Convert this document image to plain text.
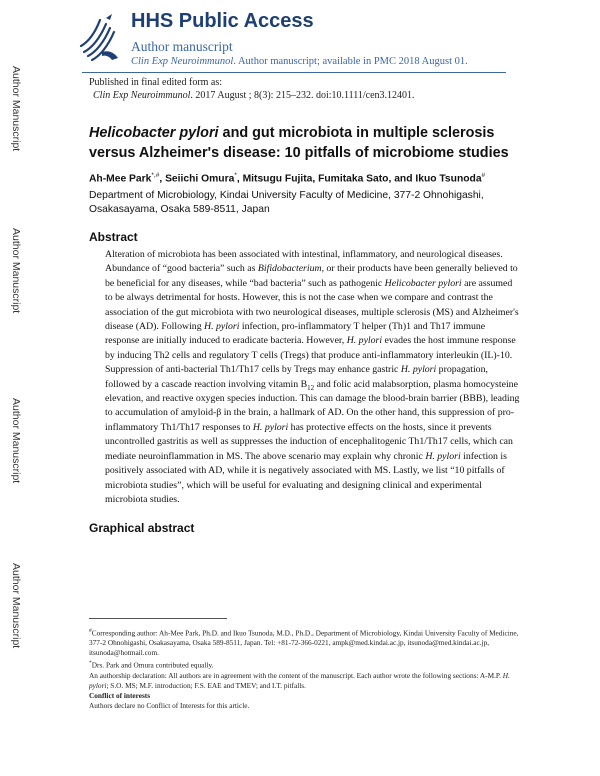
Author Manuscript
Author Manuscript
Author Manuscript
Author Manuscript
HHS Public Access
Author manuscript
Clin Exp Neuroimmunol. Author manuscript; available in PMC 2018 August 01.
Published in final edited form as:
Clin Exp Neuroimmunol. 2017 August ; 8(3): 215–232. doi:10.1111/cen3.12401.
Helicobacter pylori and gut microbiota in multiple sclerosis versus Alzheimer's disease: 10 pitfalls of microbiome studies
Ah-Mee Park*,#, Seiichi Omura*, Mitsugu Fujita, Fumitaka Sato, and Ikuo Tsunoda#
Department of Microbiology, Kindai University Faculty of Medicine, 377-2 Ohnohigashi, Osakasayama, Osaka 589-8511, Japan
Abstract
Alteration of microbiota has been associated with intestinal, inflammatory, and neurological diseases. Abundance of “good bacteria” such as Bifidobacterium, or their products have been generally believed to be beneficial for any diseases, while “bad bacteria” such as pathogenic Helicobacter pylori are assumed to be always detrimental for hosts. However, this is not the case when we compare and contrast the association of the gut microbiota with two neurological diseases, multiple sclerosis (MS) and Alzheimer's disease (AD). Following H. pylori infection, pro-inflammatory T helper (Th)1 and Th17 immune response are initially induced to eradicate bacteria. However, H. pylori evades the host immune response by inducing Th2 cells and regulatory T cells (Tregs) that produce anti-inflammatory interleukin (IL)-10. Suppression of anti-bacterial Th1/Th17 cells by Tregs may enhance gastric H. pylori propagation, followed by a cascade reaction involving vitamin $B_{12}$ and folic acid malabsorption, plasma homocysteine elevation, and reactive oxygen species induction. This can damage the blood-brain barrier (BBB), leading to accumulation of amyloid-β in the brain, a hallmark of AD. On the other hand, this suppression of pro-inflammatory Th1/Th17 responses to H. pylori has protective effects on the hosts, since it prevents uncontrolled gastritis as well as suppresses the induction of encephalitogenic Th1/Th17 cells, which can mediate neuroinflammation in MS. The above scenario may explain why chronic H. pylori infection is positively associated with AD, while it is negatively associated with MS. Lastly, we list “10 pitfalls of microbiota studies”, which will be useful for evaluating and designing clinical and experimental microbiota studies.
Graphical abstract
#Corresponding author: Ah-Mee Park, Ph.D. and Ikuo Tsunoda, M.D., Ph.D., Department of Microbiology, Kindai University Faculty of Medicine, 377-2 Ohnohigashi, Osakasayama, Osaka 589-8511, Japan. Tel: +81-72-366-0221, ampk@med.kindai.ac.jp, itsunoda@med.kindai.ac.jp, itsunoda@hotmail.com.
*Drs. Park and Omura contributed equally.
An authorship declaration: All authors are in agreement with the content of the manuscript. Each author wrote the following sections: A-M.P. H. pylori; S.O. MS; M.F. introduction; F.S. EAE and TMEV; and I.T. pitfalls.
Conflict of interests
Authors declare no Conflict of Interests for this article.
